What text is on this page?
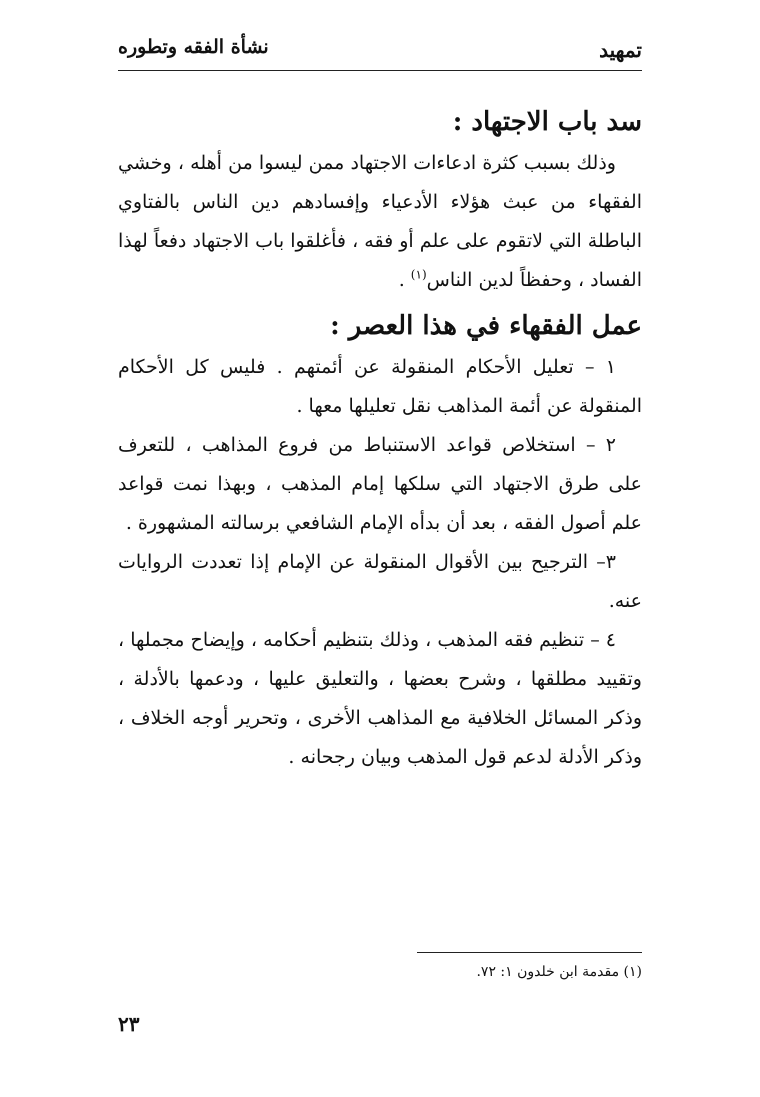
تمهيد
نشأة الفقه وتطوره
سد باب الاجتهاد :

وذلك بسبب كثرة ادعاءات الاجتهاد ممن ليسوا من أهله ، وخشي الفقهاء من عبث هؤلاء الأدعياء وإفسادهم دين الناس بالفتاوي الباطلة التي لاتقوم على علم أو فقه ، فأغلقوا باب الاجتهاد دفعاً لهذا الفساد ، وحفظاً لدين الناس$^{(١)}$ .

عمل الفقهاء في هذا العصر :

١ – تعليل الأحكام المنقولة عن أئمتهم . فليس كل الأحكام المنقولة عن أئمة المذاهب نقل تعليلها معها .

٢ – استخلاص قواعد الاستنباط من فروع المذاهب ، للتعرف على طرق الاجتهاد التي سلكها إمام المذهب ، وبهذا نمت قواعد علم أصول الفقه ، بعد أن بدأه الإمام الشافعي برسالته المشهورة .

٣– الترجيح بين الأقوال المنقولة عن الإمام إذا تعددت الروايات عنه.

٤ – تنظيم فقه المذهب ، وذلك بتنظيم أحكامه ، وإيضاح مجملها ، وتقييد مطلقها ، وشرح بعضها ، والتعليق عليها ، ودعمها بالأدلة ، وذكر المسائل الخلافية مع المذاهب الأخرى ، وتحرير أوجه الخلاف ، وذكر الأدلة لدعم قول المذهب وبيان رجحانه .

(١) مقدمة ابن خلدون ١: ٧٢.
٢٣
